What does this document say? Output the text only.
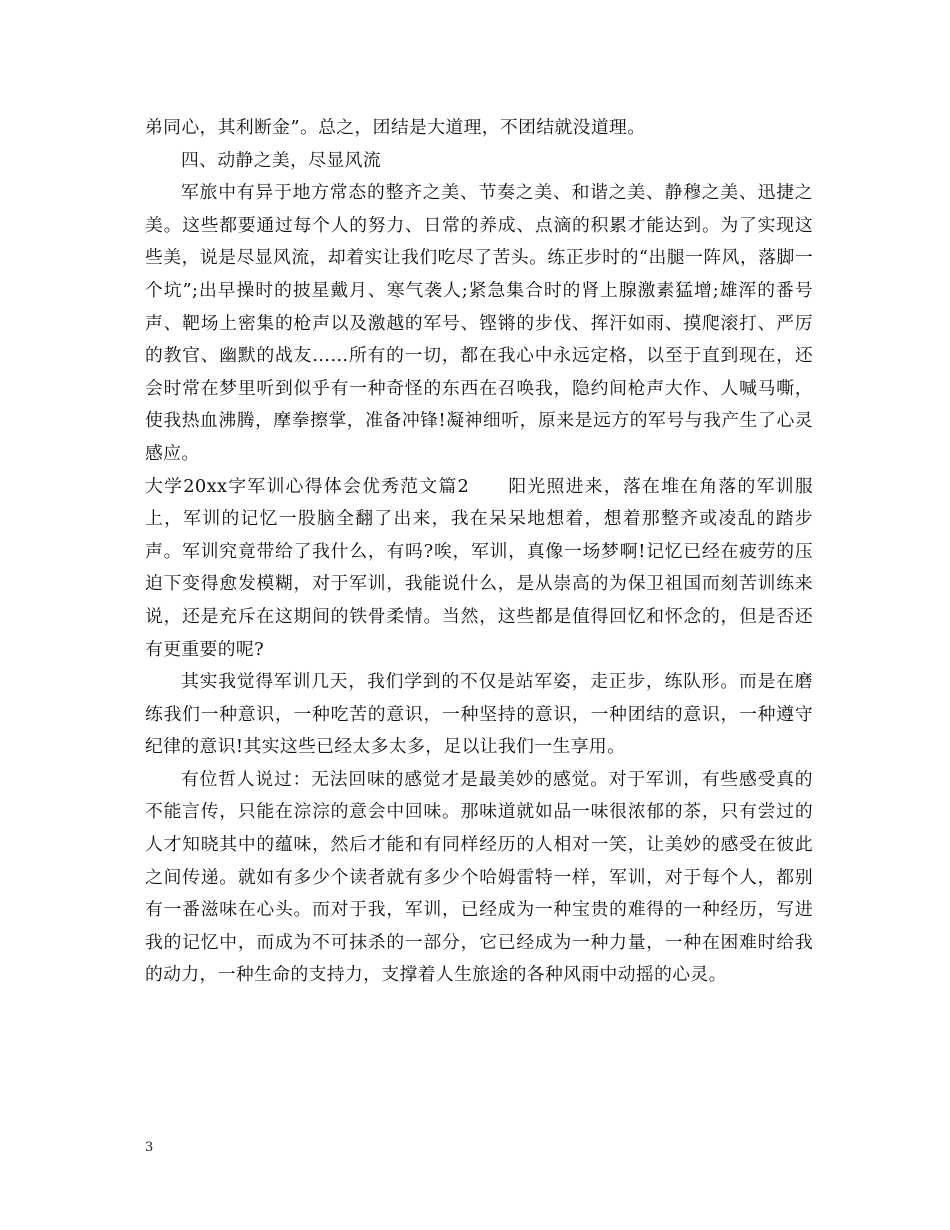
弟同心，其利断金”。总之，团结是大道理，不团结就没道理。

四、动静之美，尽显风流

军旅中有异于地方常态的整齐之美、节奏之美、和谐之美、静穆之美、迅捷之美。这些都要通过每个人的努力、日常的养成、点滴的积累才能达到。为了实现这些美，说是尽显风流，却着实让我们吃尽了苦头。练正步时的“出腿一阵风，落脚一个坑”;出早操时的披星戴月、寒气袭人;紧急集合时的肾上腺激素猛增;雄浑的番号声、靶场上密集的枪声以及激越的军号、铿锵的步伐、挥汗如雨、摸爬滚打、严厉的教官、幽默的战友……所有的一切，都在我心中永远定格，以至于直到现在，还会时常在梦里听到似乎有一种奇怪的东西在召唤我，隐约间枪声大作、人喊马嘶，使我热血沸腾，摩拳擦掌，准备冲锋!凝神细听，原来是远方的军号与我产生了心灵感应。

大学20xx字军训心得体会优秀范文篇2　　阳光照进来，落在堆在角落的军训服上，军训的记忆一股脑全翻了出来，我在呆呆地想着，想着那整齐或凌乱的踏步声。军训究竟带给了我什么，有吗?唉，军训，真像一场梦啊!记忆已经在疲劳的压迫下变得愈发模糊，对于军训，我能说什么，是从崇高的为保卫祖国而刻苦训练来说，还是充斥在这期间的铁骨柔情。当然，这些都是值得回忆和怀念的，但是否还有更重要的呢?

其实我觉得军训几天，我们学到的不仅是站军姿，走正步，练队形。而是在磨练我们一种意识，一种吃苦的意识，一种坚持的意识，一种团结的意识，一种遵守纪律的意识!其实这些已经太多太多，足以让我们一生享用。

有位哲人说过：无法回味的感觉才是最美妙的感觉。对于军训，有些感受真的不能言传，只能在淙淙的意会中回味。那味道就如品一味很浓郁的茶，只有尝过的人才知晓其中的蕴味，然后才能和有同样经历的人相对一笑，让美妙的感受在彼此之间传递。就如有多少个读者就有多少个哈姆雷特一样，军训，对于每个人，都别有一番滋味在心头。而对于我，军训，已经成为一种宝贵的难得的一种经历，写进我的记忆中，而成为不可抹杀的一部分，它已经成为一种力量，一种在困难时给我的动力，一种生命的支持力，支撑着人生旅途的各种风雨中动摇的心灵。

3
